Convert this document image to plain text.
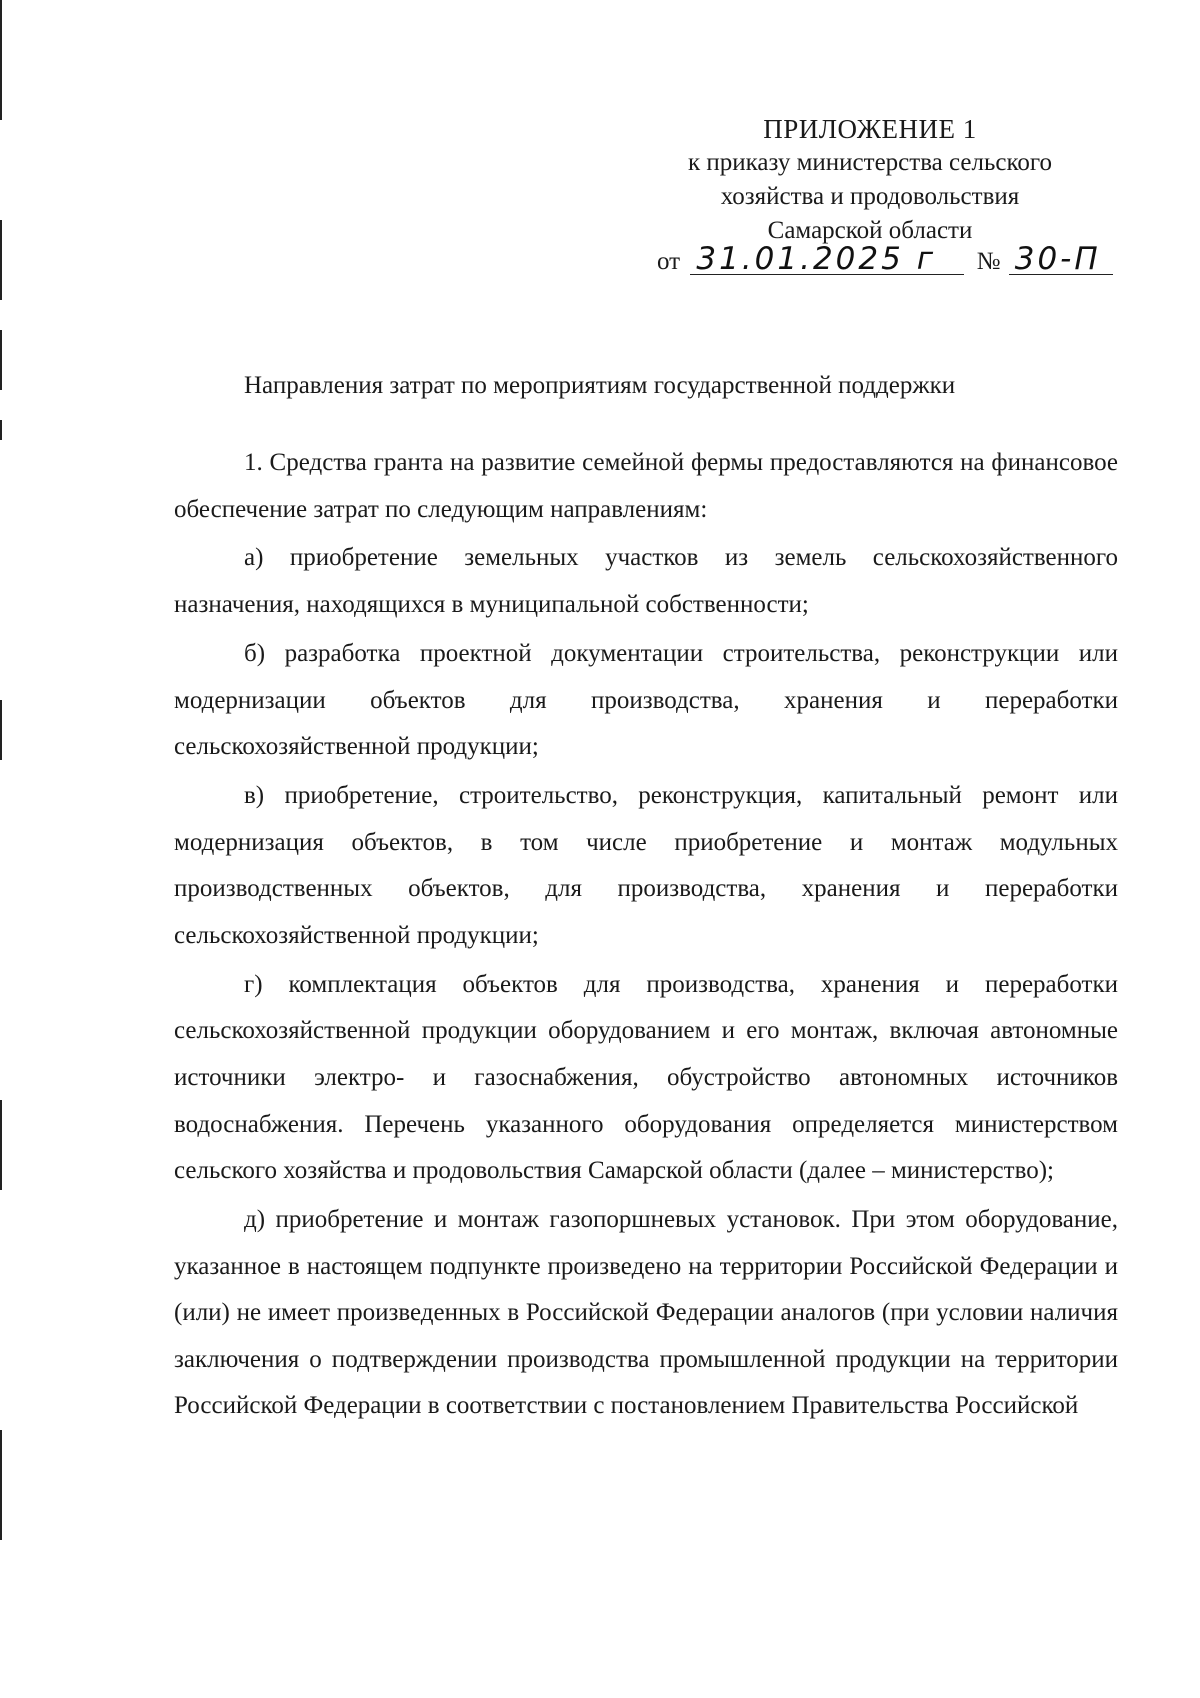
ПРИЛОЖЕНИЕ 1
к приказу министерства сельского
хозяйства и продовольствия
Самарской области
от 31.01.2025 г № 30-П
Направления затрат по мероприятиям государственной поддержки

1. Средства гранта на развитие семейной фермы предоставляются на финансовое обеспечение затрат по следующим направлениям:

а) приобретение земельных участков из земель сельскохозяйственного назначения, находящихся в муниципальной собственности;

б) разработка проектной документации строительства, реконструкции или модернизации объектов для производства, хранения и переработки сельскохозяйственной продукции;

в) приобретение, строительство, реконструкция, капитальный ремонт или модернизация объектов, в том числе приобретение и монтаж модульных производственных объектов, для производства, хранения и переработки сельскохозяйственной продукции;

г) комплектация объектов для производства, хранения и переработки сельскохозяйственной продукции оборудованием и его монтаж, включая автономные источники электро- и газоснабжения, обустройство автономных источников водоснабжения. Перечень указанного оборудования определяется министерством сельского хозяйства и продовольствия Самарской области (далее – министерство);

д) приобретение и монтаж газопоршневых установок. При этом оборудование, указанное в настоящем подпункте произведено на территории Российской Федерации и (или) не имеет произведенных в Российской Федерации аналогов (при условии наличия заключения о подтверждении производства промышленной продукции на территории Российской Федерации в соответствии с постановлением Правительства Российской
